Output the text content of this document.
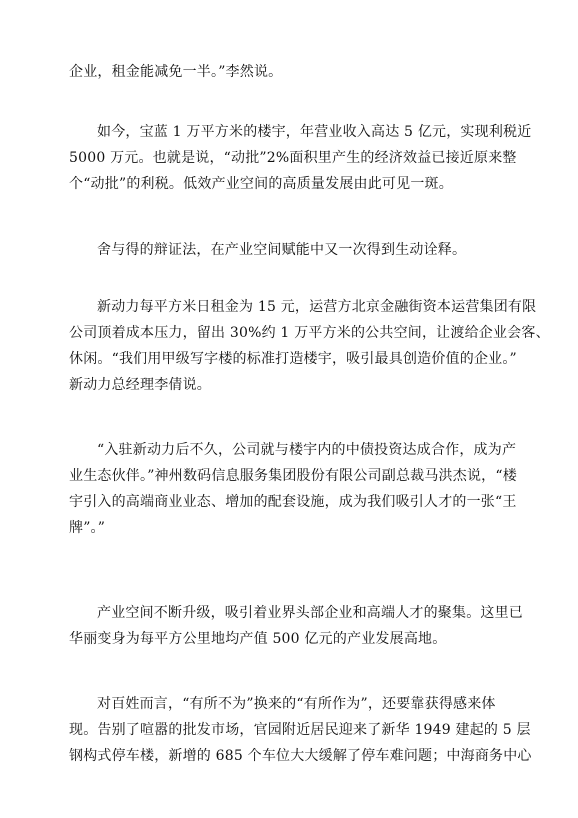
企业，租金能减免一半。”李然说。
如今，宝蓝 1 万平方米的楼宇，年营业收入高达 5 亿元，实现利税近
5000 万元。也就是说，“动批”2%面积里产生的经济效益已接近原来整
个“动批”的利税。低效产业空间的高质量发展由此可见一斑。
舍与得的辩证法，在产业空间赋能中又一次得到生动诠释。
新动力每平方米日租金为 15 元，运营方北京金融街资本运营集团有限
公司顶着成本压力，留出 30%约 1 万平方米的公共空间，让渡给企业会客、
休闲。“我们用甲级写字楼的标准打造楼宇，吸引最具创造价值的企业。”
新动力总经理李倩说。
“入驻新动力后不久，公司就与楼宇内的中债投资达成合作，成为产
业生态伙伴。”神州数码信息服务集团股份有限公司副总裁马洪杰说，“楼
宇引入的高端商业业态、增加的配套设施，成为我们吸引人才的一张“王
牌”。”
产业空间不断升级，吸引着业界头部企业和高端人才的聚集。这里已
华丽变身为每平方公里地均产值 500 亿元的产业发展高地。
对百姓而言，“有所不为”换来的“有所作为”，还要靠获得感来体
现。告别了喧嚣的批发市场，官园附近居民迎来了新华 1949 建起的 5 层
钢构式停车楼，新增的 685 个车位大大缓解了停车难问题；中海商务中心
